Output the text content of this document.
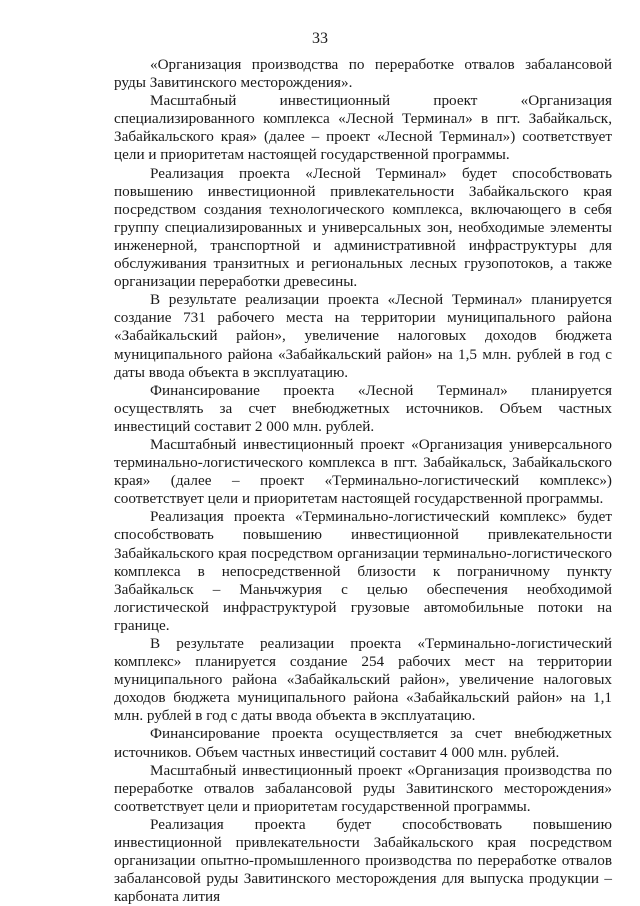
33

«Организация производства по переработке отвалов забалансовой руды Завитинского месторождения».

Масштабный инвестиционный проект «Организация специализированного комплекса «Лесной Терминал» в пгт. Забайкальск, Забайкальского края» (далее – проект «Лесной Терминал») соответствует цели и приоритетам настоящей государственной программы.

Реализация проекта «Лесной Терминал» будет способствовать повышению инвестиционной привлекательности Забайкальского края посредством создания технологического комплекса, включающего в себя группу специализированных и универсальных зон, необходимые элементы инженерной, транспортной и административной инфраструктуры для обслуживания транзитных и региональных лесных грузопотоков, а также организации переработки древесины.

В результате реализации проекта «Лесной Терминал» планируется создание 731 рабочего места на территории муниципального района «Забайкальский район», увеличение налоговых доходов бюджета муниципального района «Забайкальский район» на 1,5 млн. рублей в год с даты ввода объекта в эксплуатацию.

Финансирование проекта «Лесной Терминал» планируется осуществлять за счет внебюджетных источников. Объем частных инвестиций составит 2 000 млн. рублей.

Масштабный инвестиционный проект «Организация универсального терминально-логистического комплекса в пгт. Забайкальск, Забайкальского края» (далее – проект «Терминально-логистический комплекс») соответствует цели и приоритетам настоящей государственной программы.

Реализация проекта «Терминально-логистический комплекс» будет способствовать повышению инвестиционной привлекательности Забайкальского края посредством организации терминально-логистического комплекса в непосредственной близости к пограничному пункту Забайкальск – Маньчжурия с целью обеспечения необходимой логистической инфраструктурой грузовые автомобильные потоки на границе.

В результате реализации проекта «Терминально-логистический комплекс» планируется создание 254 рабочих мест на территории муниципального района «Забайкальский район», увеличение налоговых доходов бюджета муниципального района «Забайкальский район» на 1,1 млн. рублей в год с даты ввода объекта в эксплуатацию.

Финансирование проекта осуществляется за счет внебюджетных источников. Объем частных инвестиций составит 4 000 млн. рублей.

Масштабный инвестиционный проект «Организация производства по переработке отвалов забалансовой руды Завитинского месторождения» соответствует цели и приоритетам государственной программы.

Реализация проекта будет способствовать повышению инвестиционной привлекательности Забайкальского края посредством организации опытно-промышленного производства по переработке отвалов забалансовой руды Завитинского месторождения для выпуска продукции – карбоната лития
